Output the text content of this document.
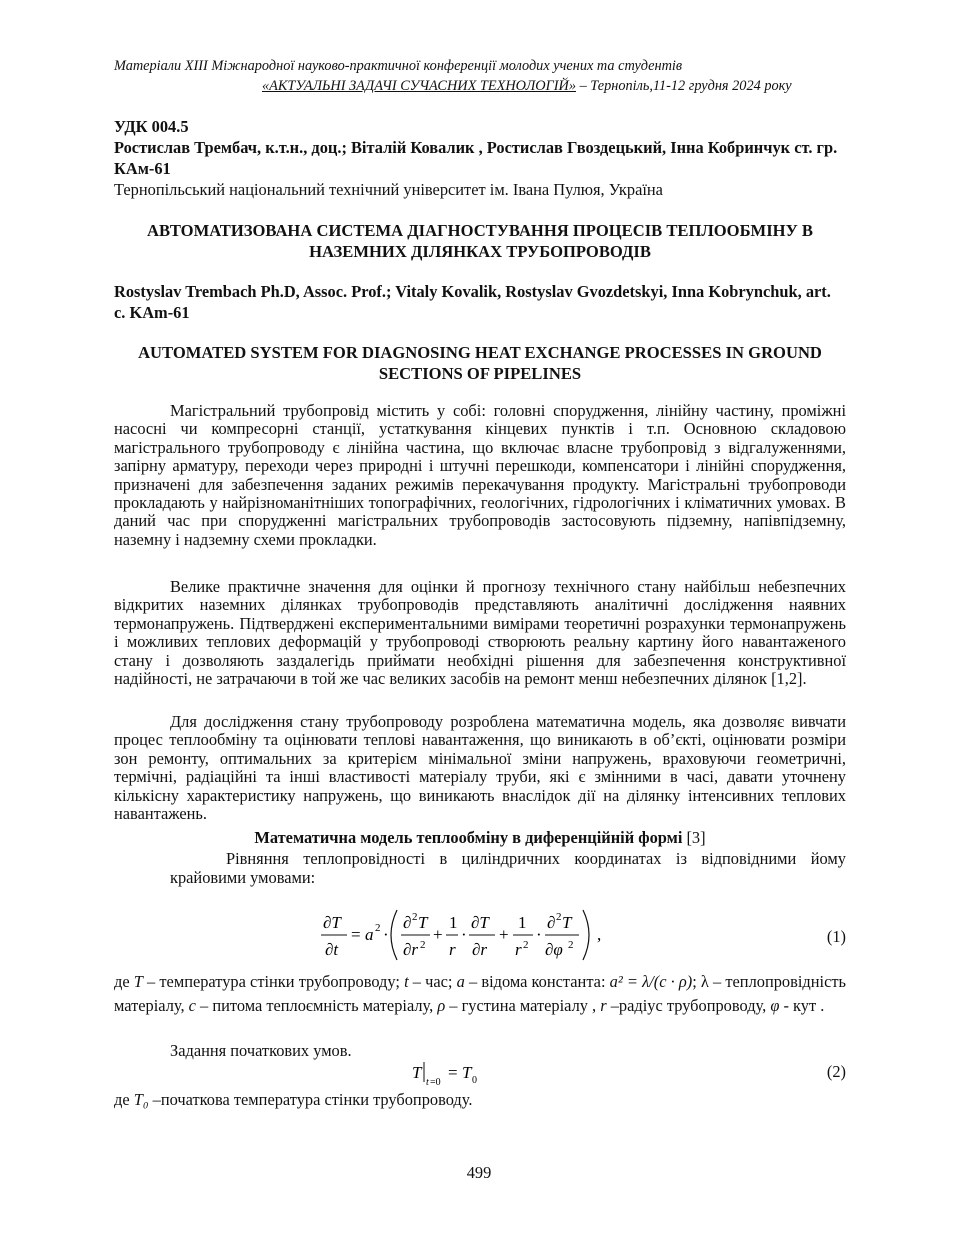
Матеріали XIII Міжнародної науково-практичної конференції молодих учених та студентів
«АКТУАЛЬНІ ЗАДАЧІ СУЧАСНИХ ТЕХНОЛОГІЙ» – Тернопіль,11-12 грудня 2024 року
УДК 004.5
Ростислав Трембач, к.т.н., доц.; Віталій Ковалик , Ростислав Гвоздецький, Інна Кобринчук ст. гр. КАм-61
Тернопільський національний технічний університет ім. Івана Пулюя, Україна
АВТОМАТИЗОВАНА СИСТЕМА ДІАГНОСТУВАННЯ ПРОЦЕСІВ ТЕПЛООБМІНУ В НАЗЕМНИХ ДІЛЯНКАХ ТРУБОПРОВОДІВ
Rostyslav Trembach Ph.D, Assoc. Prof.; Vitaly Kovalik, Rostyslav Gvozdetskyi, Inna Kobrynchuk, art. c. KAm-61
AUTOMATED SYSTEM FOR DIAGNOSING HEAT EXCHANGE PROCESSES IN GROUND SECTIONS OF PIPELINES

Магістральний трубопровід містить у собі: головні спорудження, лінійну частину, проміжні насосні чи компресорні станції, устаткування кінцевих пунктів і т.п. Основною складовою магістрального трубопроводу є лінійна частина, що включає власне трубопровід з відгалуженнями, запірну арматуру, переходи через природні і штучні перешкоди, компенсатори і лінійні спорудження, призначені для забезпечення заданих режимів перекачування продукту. Магістральні трубопроводи прокладають у найрізноманітніших топографічних, геологічних, гідрологічних і кліматичних умовах. В даний час при спорудженні магістральних трубопроводів застосовують підземну, напівпідземну, наземну і надземну схеми прокладки.

Велике практичне значення для оцінки й прогнозу технічного стану найбільш небезпечних відкритих наземних ділянках трубопроводів представляють аналітичні дослідження наявних термонапружень. Підтверджені експериментальними вимірами теоретичні розрахунки термонапружень і можливих теплових деформацій у трубопроводі створюють реальну картину його навантаженого стану і дозволяють заздалегідь приймати необхідні рішення для забезпечення конструктивної надійності, не затрачаючи в той же час великих засобів на ремонт менш небезпечних ділянок [1,2].

Для дослідження стану трубопроводу розроблена математична модель, яка дозволяє вивчати процес теплообміну та оцінювати теплові навантаження, що виникають в об’єкті, оцінювати розміри зон ремонту, оптимальних за критерієм мінімальної зміни напружень, враховуючи геометричні, термічні, радіаційні та інші властивості матеріалу труби, які є змінними в часі, давати уточнену кількісну характеристику напружень, що виникають внаслідок дії на ділянку інтенсивних теплових навантажень.

Математична модель теплообміну в диференційній формі [3]
Рівняння теплопровідності в циліндричних координатах із відповідними йому крайовими умовами:
∂T
∂t
= a 2 ·
∂ 2 T
∂r 2
+
1
r
·
∂T
∂r
+
1
r 2
·
∂ 2 T
∂φ 2
,	(1)
де T – температура стінки трубопроводу; t – час; a – відома константа: a² = λ/(c · ρ); λ – теплопровідність матеріалу, c – питома теплоємність матеріалу, ρ – густина матеріалу , r –радіус трубопроводу, φ - кут .
Задання початкових умов.
T
t =0
= T 0	(2)
де T₀ –початкова температура стінки трубопроводу.
499
